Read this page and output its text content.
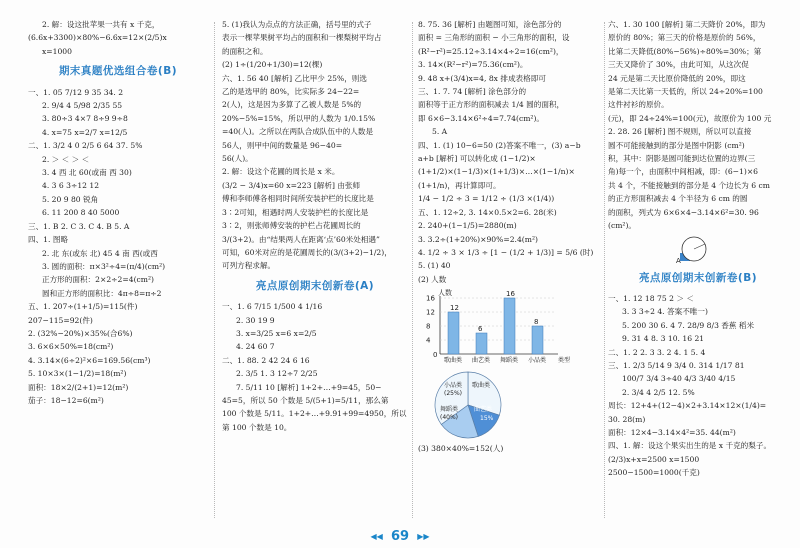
2. 解：设这批苹果一共有 x 千克，
(6.6x+3300)×80%−6.6x=12×(2/5)x
x=1000
期末真题优选组合卷(B)
一、1. 05 7/12 9 35 34. 2
2. 9/4 4 5/98 2/35 55
3. 80÷3 4×7 8÷9 9÷8
4. x=75 x=2/7 x=12/5
二、1. 3/2 4 0 2/5 6 64 37. 5%
2. ＞ ＜ ＞ ＜
3. 4 西 北 60(或南 西 30)
4. 3 6 3÷12 12
5. 20 9 80 锐角
6. 11 200 8 40 5000
三、1. B 2. C 3. C 4. B 5. A
四、1. 图略
2. 北 东(或东 北) 45 4 南 西(或西
3. 圆的面积：π×3²÷4=(π/4)(cm²)
正方形的面积：2×2÷2=4(cm²)
圆和正方形的面积比：4π÷8=π÷2
五、1. 207÷(1+1/5)=115(件)
207−115=92(件)
2. (32%−20%)×35%(合6%)
3. 6×6×50%=18(cm²)
4. 3.14×(6÷2)²×6=169.56(cm³)
5. 10×3×(1−1/2)=18(m²)
面积：18×2/(2+1)=12(m²)
茄子：18−12=6(m²)
5. (1)我认为点点的方法正确，括号里的式子
表示一棵苹果树平均占的面积和一棵梨树平均占
的面积之和。
(2) 1÷(1/20+1/30)=12(棵)
六、1. 56 40 [解析] 乙比甲少 25%，则选
乙的是选甲的 80%，比实际多 24−22=
2(人)，这是因为多算了乙被人数是 5%的
20%−5%=15%，所以甲的人数为 1/0.15%
=40(人)。之所以在两队合成队伍中的人数是
56人，则甲中间的数量是 96−40=
56(人)。
2. 解：设这个花圃的周长是 x 米。
(3/2 − 3/4)x=60 x=223 [解析] 由张师
傅和李师傅各相同时间所安装护栏的长度比是
3∶2可知，相遇时两人安装护栏的长度比是
3∶2，则张师傅安装的护栏占花圃周长的
3/(3+2)。由“结果两人在距离‘点’60米处相遇”
可知，60米对应的是花圃周长的(3/(3+2)−1/2)，
可列方程求解。
亮点原创期末创新卷(A)
一、1. 6 7/15 1/500 4 1/16
2. 30 19 9
3. x=3/25 x=6 x=2/5
4. 24 60 7
二、1. 88. 2 42 24 6 16
2. 3/5 1. 3 12÷7 2/25
7. 5/11 10 [解析] 1+2+…+9=45，50−
45=5，所以 50 个数是 5/(5+1)=5/11，那么第
100 个数是 5/11。1+2+…+9.91+99=4950，所以
第 100 个数是 10。
8. 75. 36 [解析] 由题图可知，涂色部分的
面积 = 三角形的面积 − 小三角形的面积，设
(R²−r²)=25.12÷3.14×4÷2=16(cm²)，
3. 14×(R²−r²)=75.36(cm²)。
9. 48 x+(3/4)x=4, 8x 排成表格即可
三、1. 7. 74 [解析] 涂色部分的
面积等于正方形的面积减去 1/4 圆的面积，
即 6×6−3.14×6²÷4=7.74(cm²)。
5. A
四、1. (1) 10−6=50 (2)答案不唯一，(3) a−b
a+b [解析] 可以转化成 (1−1/2)×
(1+1/2)×(1−1/3)×(1+1/3)×…×(1−1/n)×
(1+1/n)，再计算即可。
1/4 − 1/2 ÷ 3 = 1/12 ÷ (1/3 ×(1/4))
五、1. 12÷2, 3. 14×0.5×2=6. 28(米)
2. 240+(1−1/5)=2880(m)
3. 3.2÷(1+20%)×90%=2.4(m²)
4. 1/2 ÷ 3 × 1/3 ÷ [1 − (1/2 + 1/3)] = 5/6 (时)
5. (1) 40
(2) 人数
人数
16
12
8
4
0
12
歌曲类
6
曲艺类
16
舞蹈类
8
小品类 类型
歌曲类
曲艺类
15%
小品类
(25%)
舞蹈类
(40%)
(3) 380×40%=152(人)
六、1. 30 100 [解析] 第二天降价 20%，即为
原价的 80%；第三天的价格是原价的 56%，
比第二天降低(80%−56%)÷80%=30%；第
三天又降价了 30%，由此可知，从这次促
24 元是第二天比原价降低的 20%，即这
是第二天比第一天低的，所以 24÷20%=100
这件衬衫的原价。
(元)，即 24÷24%=100(元)，故原价为 100 元
2. 28. 26 [解析] 图不规则，所以可以直接
圆不可能接触到的部分是图中阴影 (cm²)
积，其中：阴影是圆可能到达位置的边界(三
角)每一个，由面积中间相减，即：(6−1)×6
共 4 个，不能接触到的部分是 4 个边长为 6 cm
的正方形面积减去 4 个半径为 6 cm 的圆
的面积，列式为 6×6×4−3.14×6²=30. 96
(cm²)。
A
亮点原创期末创新卷(B)
一、1. 12 18 75 2 ＞ ＜
3. 3 3÷2 4. 答案不唯一)
5. 200 30 6. 4 7. 28/9 8/3 香蕉 稻米
9. 31 4 8. 3 10. 16 21
二、1. 2 2. 3 3. 2 4. 1 5. 4
三、1. 2/3 5/14 9 3/4 0. 314 1/17 81
100/7 3/4 3÷40 4/3 3/40 4/15
2. 3/4 4 2/5 12. 5%
周长：12+4+(12−4)×2+3.14×12×(1/4)=
30. 28(m)
面积：12×4−3.14×4²=35. 44(m²)
四、1. 解：设这个果实出生的是 x 千克的梨子。
(2/3)x+x=2500 x=1500
2500−1500=1000(千克)
◀◀ 69 ▶▶
